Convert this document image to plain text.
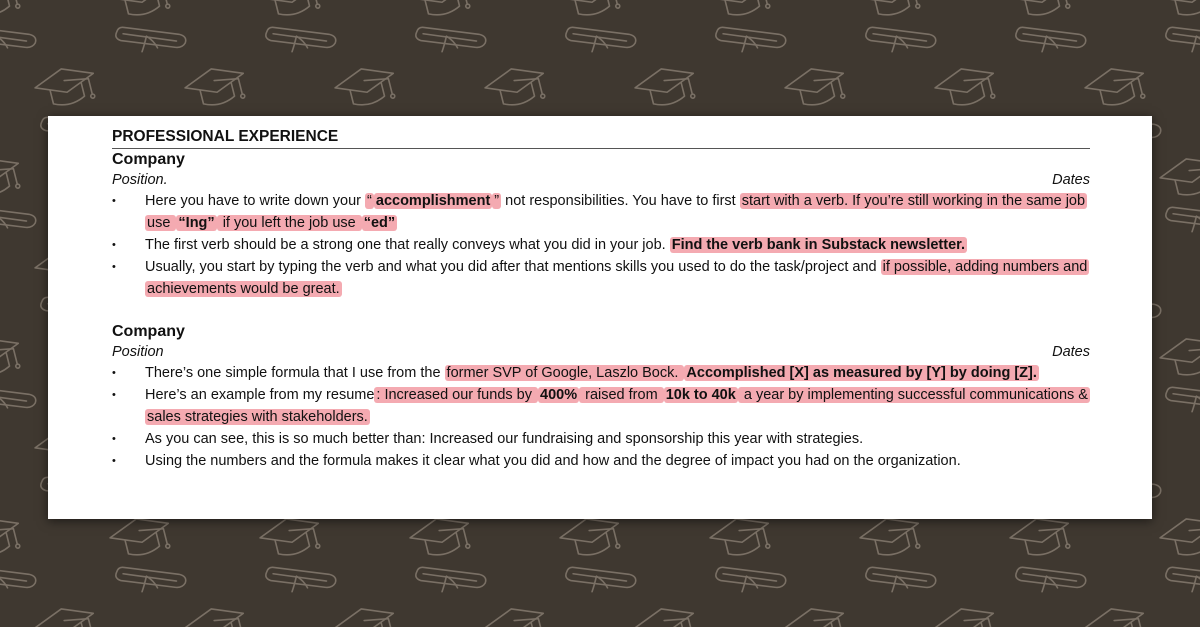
PROFESSIONAL EXPERIENCE
Company
Position.	Dates
• Here you have to write down your “ accomplishment ” not responsibilities. You have to first start with a verb. If you’re still working in the same job use “Ing” if you left the job use “ed”
• The first verb should be a strong one that really conveys what you did in your job. Find the verb bank in Substack newsletter.
• Usually, you start by typing the verb and what you did after that mentions skills you used to do the task/project and if possible, adding numbers and achievements would be great.
Company
Position	Dates
• There’s one simple formula that I use from the former SVP of Google, Laszlo Bock. Accomplished [X] as measured by [Y] by doing [Z].
• Here’s an example from my resume : Increased our funds by 400% raised from 10k to 40k a year by implementing successful communications & sales strategies with stakeholders.
• As you can see, this is so much better than: Increased our fundraising and sponsorship this year with strategies.
• Using the numbers and the formula makes it clear what you did and how and the degree of impact you had on the organization.
